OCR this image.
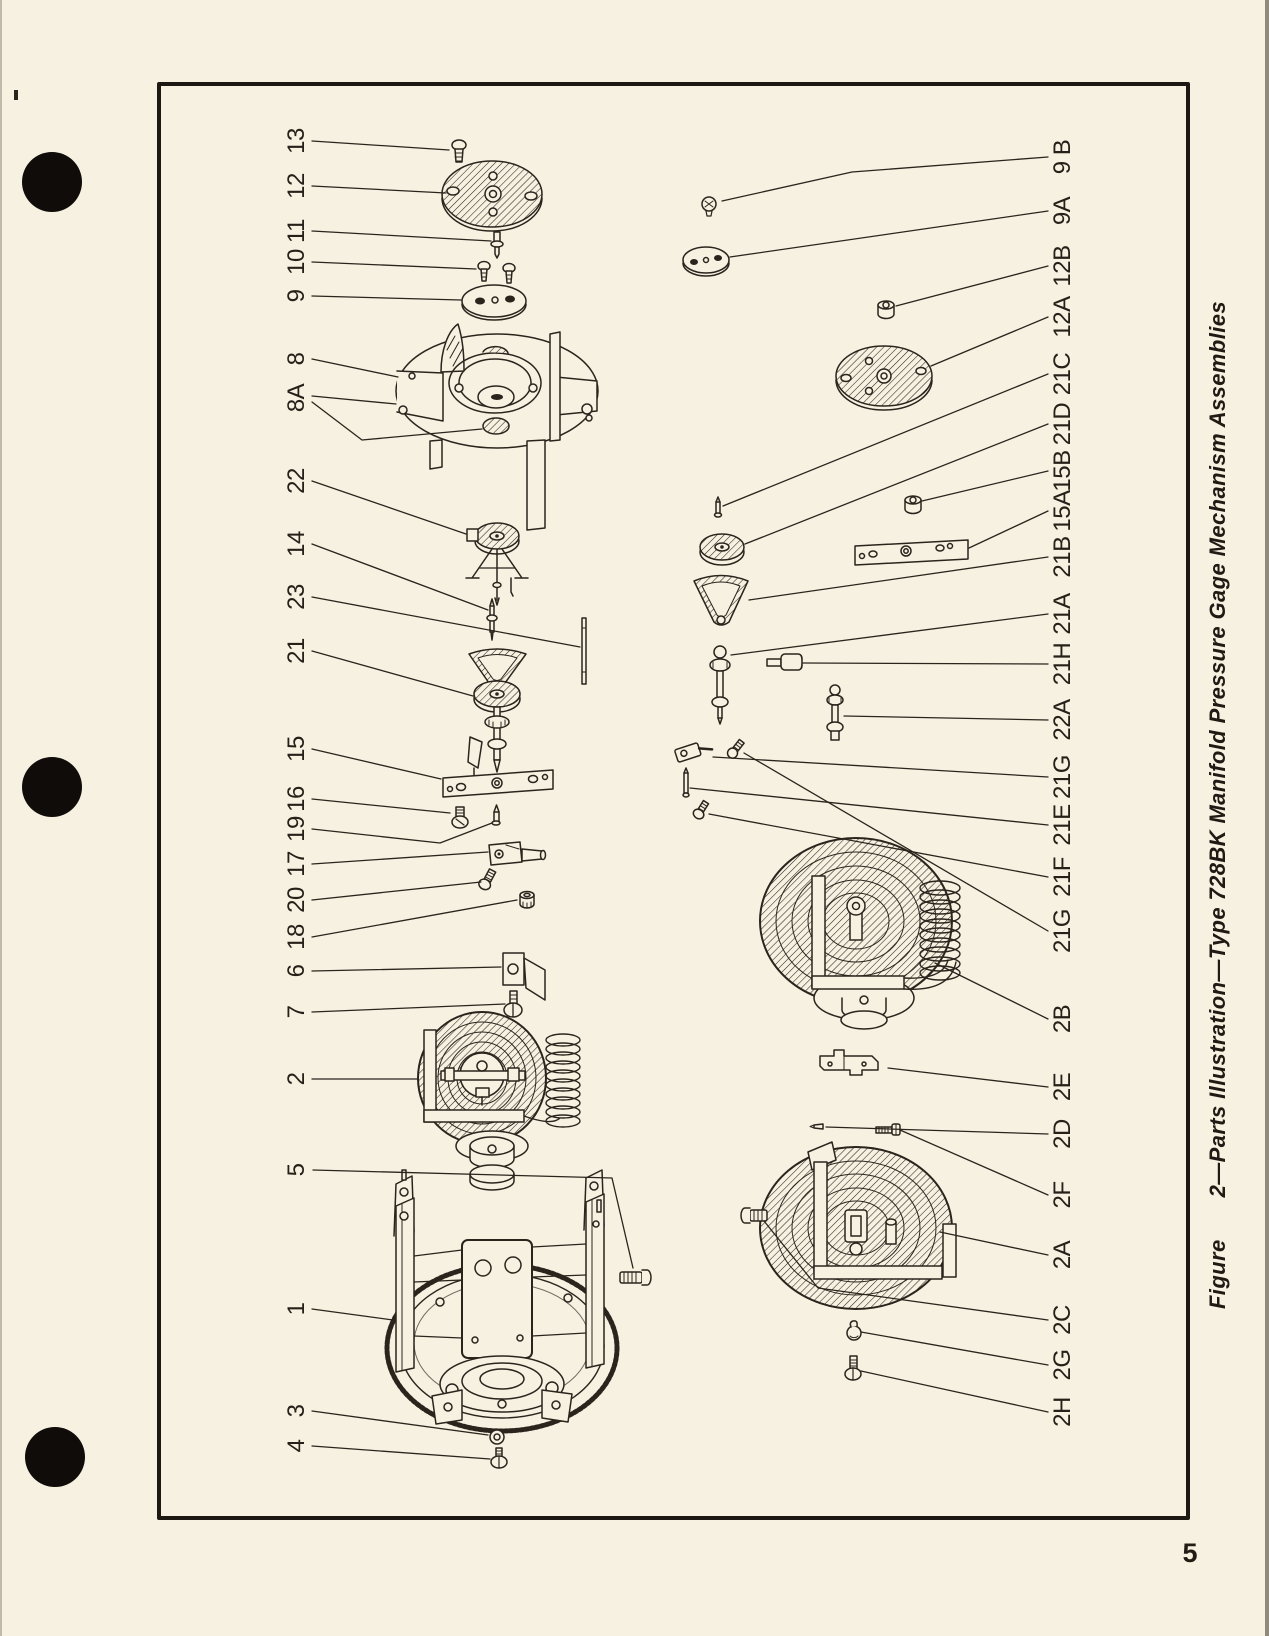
Figure2—Parts Illustration—Type 728BK Manifold Pressure Gage Mechanism Assemblies
5
13
12
11
10
9
8
8A
22
14
23
21
15
16
19
17
20
18
6
7
2
5
1
3
4
9 B
9A
12B
12A
21C
21D
15B
15A
21B
21A
21H
22A
21G
21E
21F
21G
2B
2E
2D
2F
2A
2C
2G
2H
